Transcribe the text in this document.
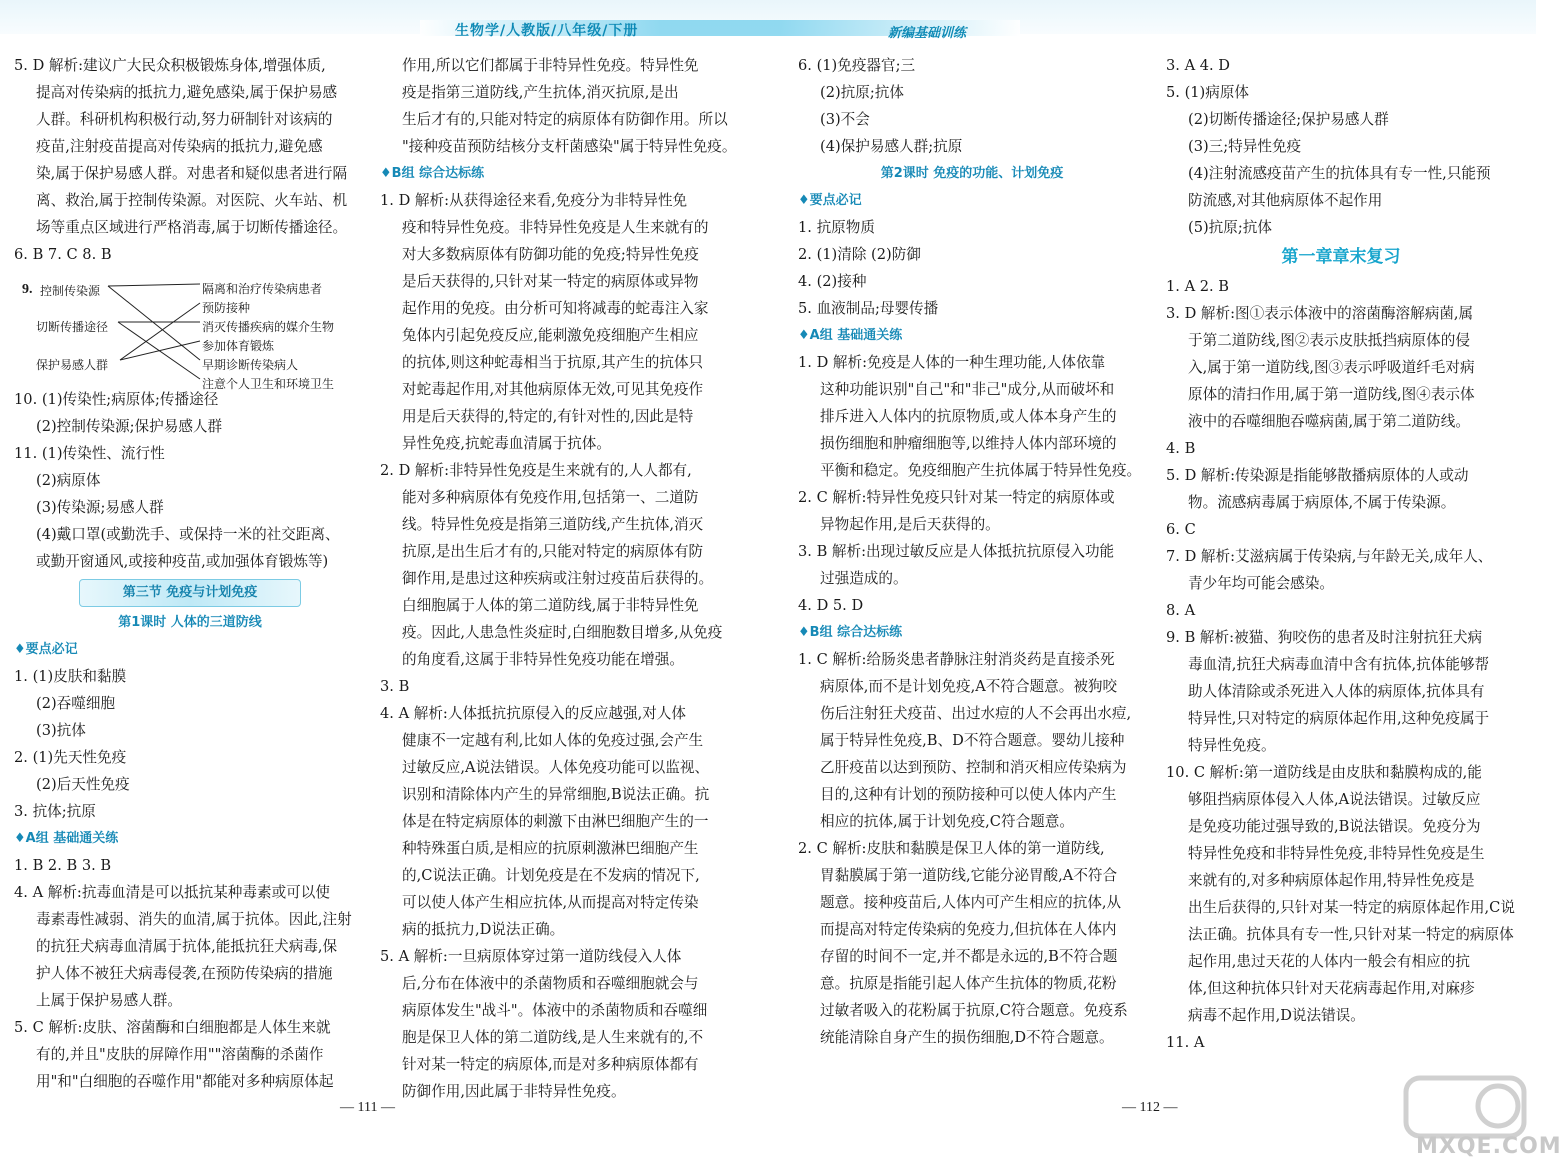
生物学/人教版/八年级/下册	新编基础训练
5. D 解析:建议广大民众积极锻炼身体,增强体质,
提高对传染病的抵抗力,避免感染,属于保护易感
人群。科研机构积极行动,努力研制针对该病的
疫苗,注射疫苗提高对传染病的抵抗力,避免感
染,属于保护易感人群。对患者和疑似患者进行隔
离、救治,属于控制传染源。对医院、火车站、机
场等重点区域进行严格消毒,属于切断传播途径。
6. B 7. C 8. B
9. 控制传染源
切断传播途径
保护易感人群
隔离和治疗传染病患者
预防接种
消灭传播疾病的媒介生物
参加体育锻炼
早期诊断传染病人
注意个人卫生和环境卫生
10. (1)传染性;病原体;传播途径
(2)控制传染源;保护易感人群
11. (1)传染性、流行性
(2)病原体
(3)传染源;易感人群
(4)戴口罩(或勤洗手、或保持一米的社交距离、
或勤开窗通风,或接种疫苗,或加强体育锻炼等)
第三节 免疫与计划免疫
第1课时 人体的三道防线
♦要点必记
1. (1)皮肤和黏膜
(2)吞噬细胞
(3)抗体
2. (1)先天性免疫
(2)后天性免疫
3. 抗体;抗原
♦A组 基础通关练
1. B 2. B 3. B
4. A 解析:抗毒血清是可以抵抗某种毒素或可以使
毒素毒性减弱、消失的血清,属于抗体。因此,注射
的抗狂犬病毒血清属于抗体,能抵抗狂犬病毒,保
护人体不被狂犬病毒侵袭,在预防传染病的措施
上属于保护易感人群。
5. C 解析:皮肤、溶菌酶和白细胞都是人体生来就
有的,并且"皮肤的屏障作用""溶菌酶的杀菌作
用"和"白细胞的吞噬作用"都能对多种病原体起
作用,所以它们都属于非特异性免疫。特异性免
疫是指第三道防线,产生抗体,消灭抗原,是出
生后才有的,只能对特定的病原体有防御作用。所以
"接种疫苗预防结核分支杆菌感染"属于特异性免疫。
♦B组 综合达标练
1. D 解析:从获得途径来看,免疫分为非特异性免
疫和特异性免疫。非特异性免疫是人生来就有的
对大多数病原体有防御功能的免疫;特异性免疫
是后天获得的,只针对某一特定的病原体或异物
起作用的免疫。由分析可知将减毒的蛇毒注入家
兔体内引起免疫反应,能刺激免疫细胞产生相应
的抗体,则这种蛇毒相当于抗原,其产生的抗体只
对蛇毒起作用,对其他病原体无效,可见其免疫作
用是后天获得的,特定的,有针对性的,因此是特
异性免疫,抗蛇毒血清属于抗体。
2. D 解析:非特异性免疫是生来就有的,人人都有,
能对多种病原体有免疫作用,包括第一、二道防
线。特异性免疫是指第三道防线,产生抗体,消灭
抗原,是出生后才有的,只能对特定的病原体有防
御作用,是患过这种疾病或注射过疫苗后获得的。
白细胞属于人体的第二道防线,属于非特异性免
疫。因此,人患急性炎症时,白细胞数目增多,从免疫
的角度看,这属于非特异性免疫功能在增强。
3. B
4. A 解析:人体抵抗抗原侵入的反应越强,对人体
健康不一定越有利,比如人体的免疫过强,会产生
过敏反应,A说法错误。人体免疫功能可以监视、
识别和清除体内产生的异常细胞,B说法正确。抗
体是在特定病原体的刺激下由淋巴细胞产生的一
种特殊蛋白质,是相应的抗原刺激淋巴细胞产生
的,C说法正确。计划免疫是在不发病的情况下,
可以使人体产生相应抗体,从而提高对特定传染
病的抵抗力,D说法正确。
5. A 解析:一旦病原体穿过第一道防线侵入人体
后,分布在体液中的杀菌物质和吞噬细胞就会与
病原体发生"战斗"。体液中的杀菌物质和吞噬细
胞是保卫人体的第二道防线,是人生来就有的,不
针对某一特定的病原体,而是对多种病原体都有
防御作用,因此属于非特异性免疫。
6. (1)免疫器官;三
(2)抗原;抗体
(3)不会
(4)保护易感人群;抗原
第2课时 免疫的功能、计划免疫
♦要点必记
1. 抗原物质
2. (1)清除 (2)防御
4. (2)接种
5. 血液制品;母婴传播
♦A组 基础通关练
1. D 解析:免疫是人体的一种生理功能,人体依靠
这种功能识别"自己"和"非己"成分,从而破坏和
排斥进入人体内的抗原物质,或人体本身产生的
损伤细胞和肿瘤细胞等,以维持人体内部环境的
平衡和稳定。免疫细胞产生抗体属于特异性免疫。
2. C 解析:特异性免疫只针对某一特定的病原体或
异物起作用,是后天获得的。
3. B 解析:出现过敏反应是人体抵抗抗原侵入功能
过强造成的。
4. D 5. D
♦B组 综合达标练
1. C 解析:给肠炎患者静脉注射消炎药是直接杀死
病原体,而不是计划免疫,A不符合题意。被狗咬
伤后注射狂犬疫苗、出过水痘的人不会再出水痘,
属于特异性免疫,B、D不符合题意。婴幼儿接种
乙肝疫苗以达到预防、控制和消灭相应传染病为
目的,这种有计划的预防接种可以使人体内产生
相应的抗体,属于计划免疫,C符合题意。
2. C 解析:皮肤和黏膜是保卫人体的第一道防线,
胃黏膜属于第一道防线,它能分泌胃酸,A不符合
题意。接种疫苗后,人体内可产生相应的抗体,从
而提高对特定传染病的免疫力,但抗体在人体内
存留的时间不一定,并不都是永远的,B不符合题
意。抗原是指能引起人体产生抗体的物质,花粉
过敏者吸入的花粉属于抗原,C符合题意。免疫系
统能清除自身产生的损伤细胞,D不符合题意。
3. A 4. D
5. (1)病原体
(2)切断传播途径;保护易感人群
(3)三;特异性免疫
(4)注射流感疫苗产生的抗体具有专一性,只能预
防流感,对其他病原体不起作用
(5)抗原;抗体
第一章章末复习
1. A 2. B
3. D 解析:图①表示体液中的溶菌酶溶解病菌,属
于第二道防线,图②表示皮肤抵挡病原体的侵
入,属于第一道防线,图③表示呼吸道纤毛对病
原体的清扫作用,属于第一道防线,图④表示体
液中的吞噬细胞吞噬病菌,属于第二道防线。
4. B
5. D 解析:传染源是指能够散播病原体的人或动
物。流感病毒属于病原体,不属于传染源。
6. C
7. D 解析:艾滋病属于传染病,与年龄无关,成年人、
青少年均可能会感染。
8. A
9. B 解析:被猫、狗咬伤的患者及时注射抗狂犬病
毒血清,抗狂犬病毒血清中含有抗体,抗体能够帮
助人体清除或杀死进入人体的病原体,抗体具有
特异性,只对特定的病原体起作用,这种免疫属于
特异性免疫。
10. C 解析:第一道防线是由皮肤和黏膜构成的,能
够阻挡病原体侵入人体,A说法错误。过敏反应
是免疫功能过强导致的,B说法错误。免疫分为
特异性免疫和非特异性免疫,非特异性免疫是生
来就有的,对多种病原体起作用,特异性免疫是
出生后获得的,只针对某一特定的病原体起作用,C说
法正确。抗体具有专一性,只针对某一特定的病原体
起作用,患过天花的人体内一般会有相应的抗
体,但这种抗体只针对天花病毒起作用,对麻疹
病毒不起作用,D说法错误。
11. A
— 111 —	— 112 —
MXQE.COM
